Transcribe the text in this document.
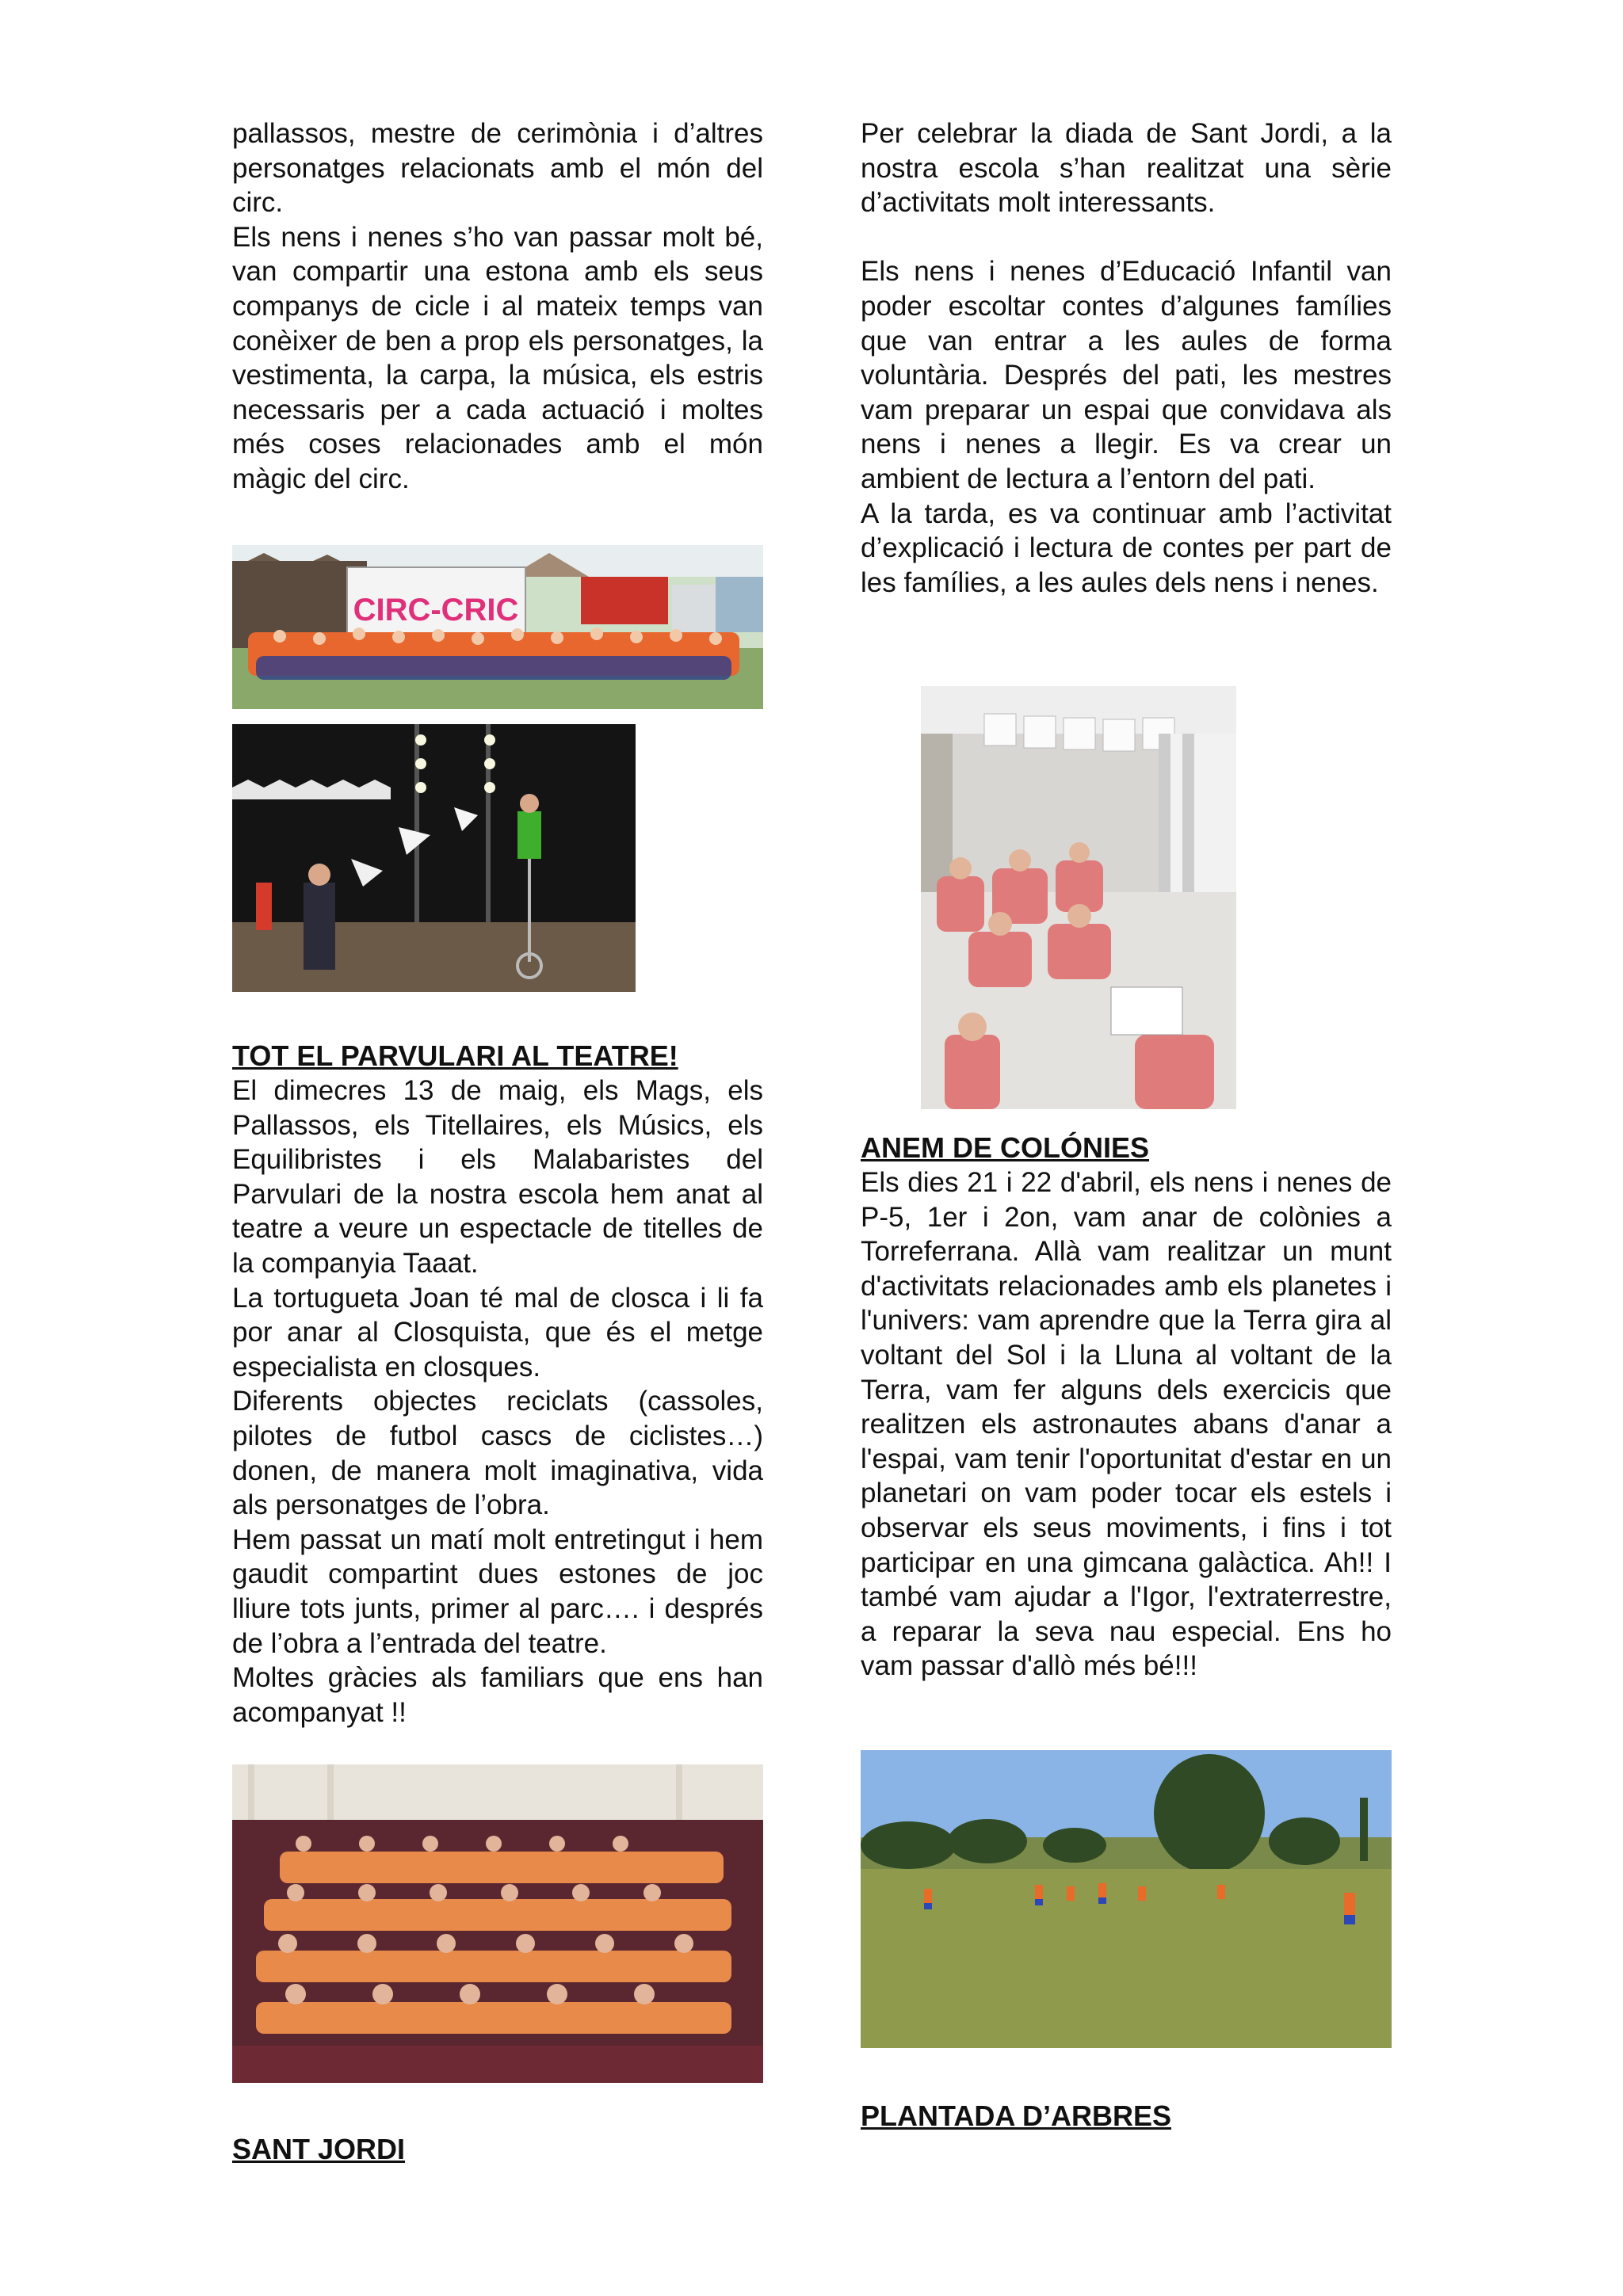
pallassos, mestre de cerimònia i d’altres personatges relacionats amb el món del circ.

Els nens i nenes s’ho van passar molt bé, van compartir una estona amb els seus companys de cicle i al mateix temps van conèixer de ben a prop els personatges, la vestimenta, la carpa, la música, els estris necessaris per a cada actuació i moltes més coses relacionades amb el món màgic del circ.

CIRC-CRIC
TOT EL PARVULARI AL TEATRE!

El dimecres 13 de maig, els Mags, els Pallassos, els Titellaires, els Músics, els Equilibristes i els Malabaristes del Parvulari de la nostra escola hem anat al teatre a veure un espectacle de titelles de la companyia Taaat.

La tortugueta Joan té mal de closca i li fa por anar al Closquista, que és el metge especialista en closques.

Diferents objectes reciclats (cassoles, pilotes de futbol cascs de ciclistes…) donen, de manera molt imaginativa, vida als personatges de l’obra.

Hem passat un matí molt entretingut i hem gaudit compartint dues estones de joc lliure tots junts, primer al parc…. i després de l’obra a l’entrada del teatre.

Moltes gràcies als familiars que ens han acompanyat !!

SANT JORDI

Per celebrar la diada de Sant Jordi, a la nostra escola s’han realitzat una sèrie d’activitats molt interessants.

Els nens i nenes d’Educació Infantil van poder escoltar contes d’algunes famílies que van entrar a les aules de forma voluntària. Després del pati, les mestres vam preparar un espai que convidava als nens i nenes a llegir. Es va crear un ambient de lectura a l’entorn del pati.

A la tarda, es va continuar amb l’activitat d’explicació i lectura de contes per part de les famílies, a les aules dels nens i nenes.

ANEM DE COLÓNIES

Els dies 21 i 22 d'abril, els nens i nenes de P-5, 1er i 2on, vam anar de colònies a Torreferrana. Allà vam realitzar un munt d'activitats relacionades amb els planetes i l'univers: vam aprendre que la Terra gira al voltant del Sol i la Lluna al voltant de la Terra, vam fer alguns dels exercicis que realitzen els astronautes abans d'anar a l'espai, vam tenir l'oportunitat d'estar en un planetari on vam poder tocar els estels i observar els seus moviments, i fins i tot participar en una gimcana galàctica. Ah!! I també vam ajudar a l'Igor, l'extraterrestre, a reparar la seva nau especial. Ens ho vam passar d'allò més bé!!!

PLANTADA D’ARBRES
